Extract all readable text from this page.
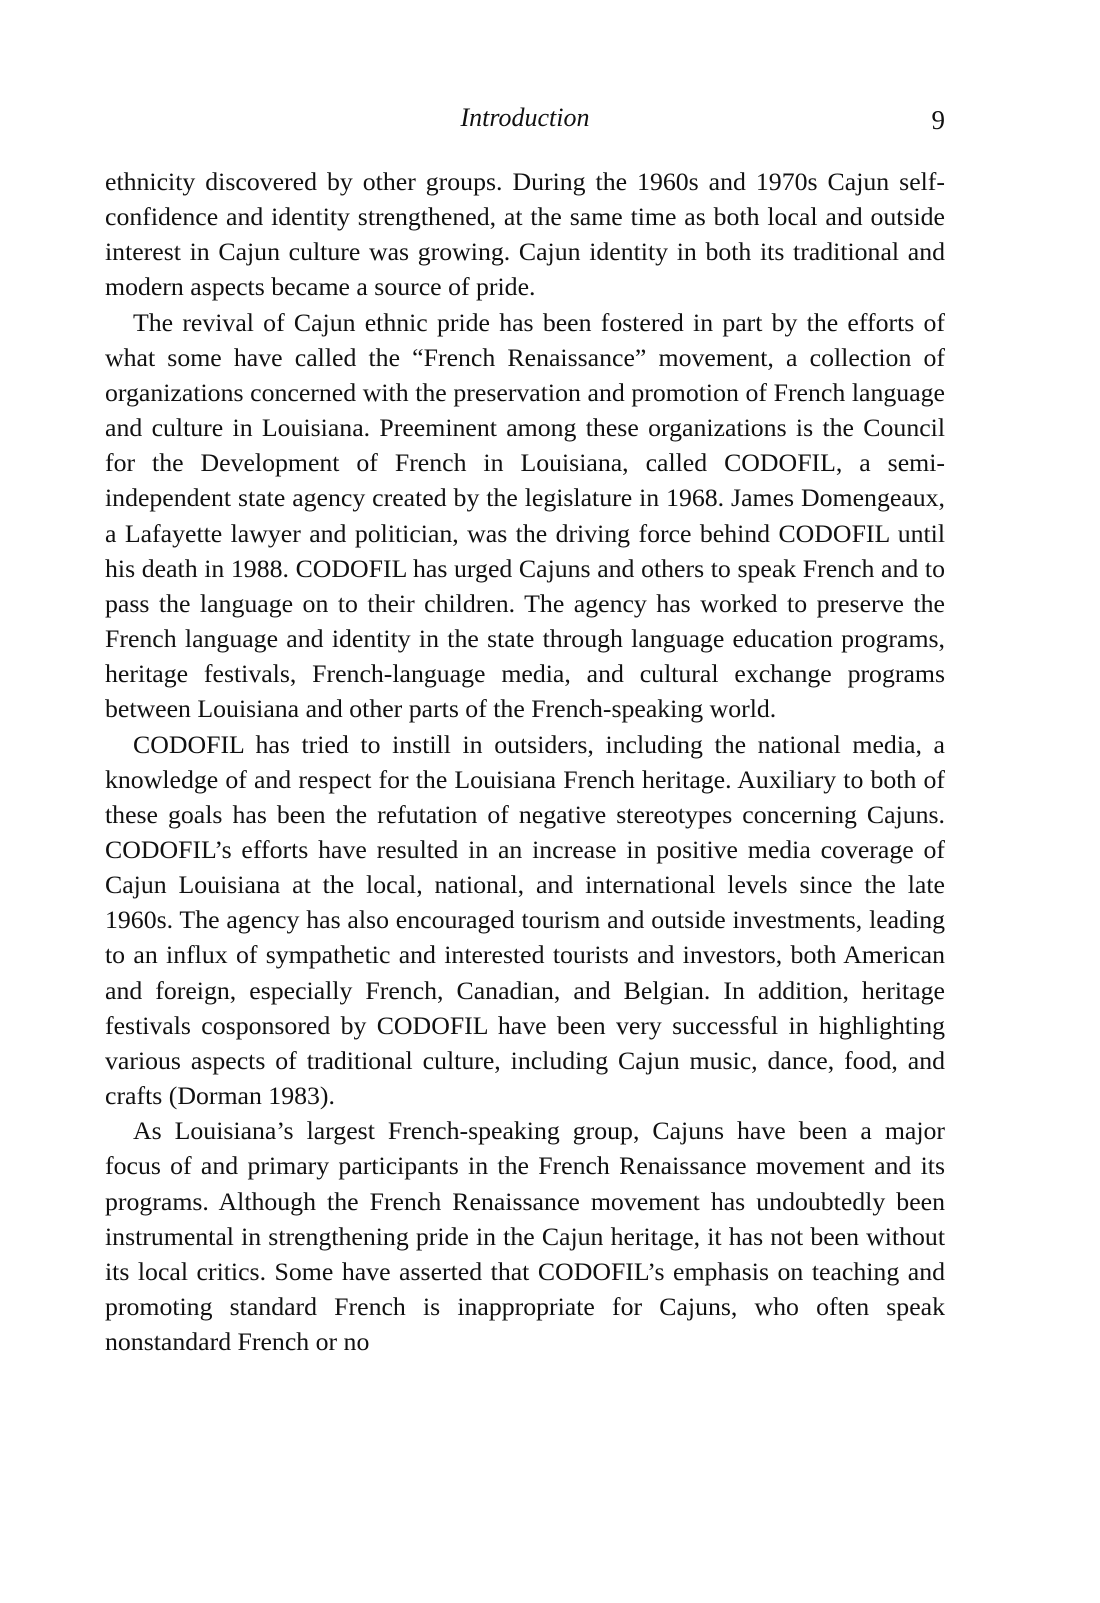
Introduction	9

ethnicity discovered by other groups. During the 1960s and 1970s Cajun self-confidence and identity strengthened, at the same time as both local and outside interest in Cajun culture was growing. Cajun identity in both its traditional and modern aspects became a source of pride.

The revival of Cajun ethnic pride has been fostered in part by the efforts of what some have called the “French Renaissance” movement, a collection of organizations concerned with the preservation and promotion of French language and culture in Louisiana. Preeminent among these organizations is the Council for the Development of French in Louisiana, called CODOFIL, a semi-independent state agency created by the legislature in 1968. James Domengeaux, a Lafayette lawyer and politician, was the driving force behind CODOFIL until his death in 1988. CODOFIL has urged Cajuns and others to speak French and to pass the language on to their children. The agency has worked to preserve the French language and identity in the state through language education programs, heritage festivals, French-language media, and cultural exchange programs between Louisiana and other parts of the French-speaking world.

CODOFIL has tried to instill in outsiders, including the national media, a knowledge of and respect for the Louisiana French heritage. Auxiliary to both of these goals has been the refutation of negative stereotypes concerning Cajuns. CODOFIL’s efforts have resulted in an increase in positive media coverage of Cajun Louisiana at the local, national, and international levels since the late 1960s. The agency has also encouraged tourism and outside investments, leading to an influx of sympathetic and interested tourists and investors, both American and foreign, especially French, Canadian, and Belgian. In addition, heritage festivals cosponsored by CODOFIL have been very successful in highlighting various aspects of traditional culture, including Cajun music, dance, food, and crafts (Dorman 1983).

As Louisiana’s largest French-speaking group, Cajuns have been a major focus of and primary participants in the French Renaissance movement and its programs. Although the French Renaissance movement has undoubtedly been instrumental in strengthening pride in the Cajun heritage, it has not been without its local critics. Some have asserted that CODOFIL’s emphasis on teaching and promoting standard French is inappropriate for Cajuns, who often speak nonstandard French or no
